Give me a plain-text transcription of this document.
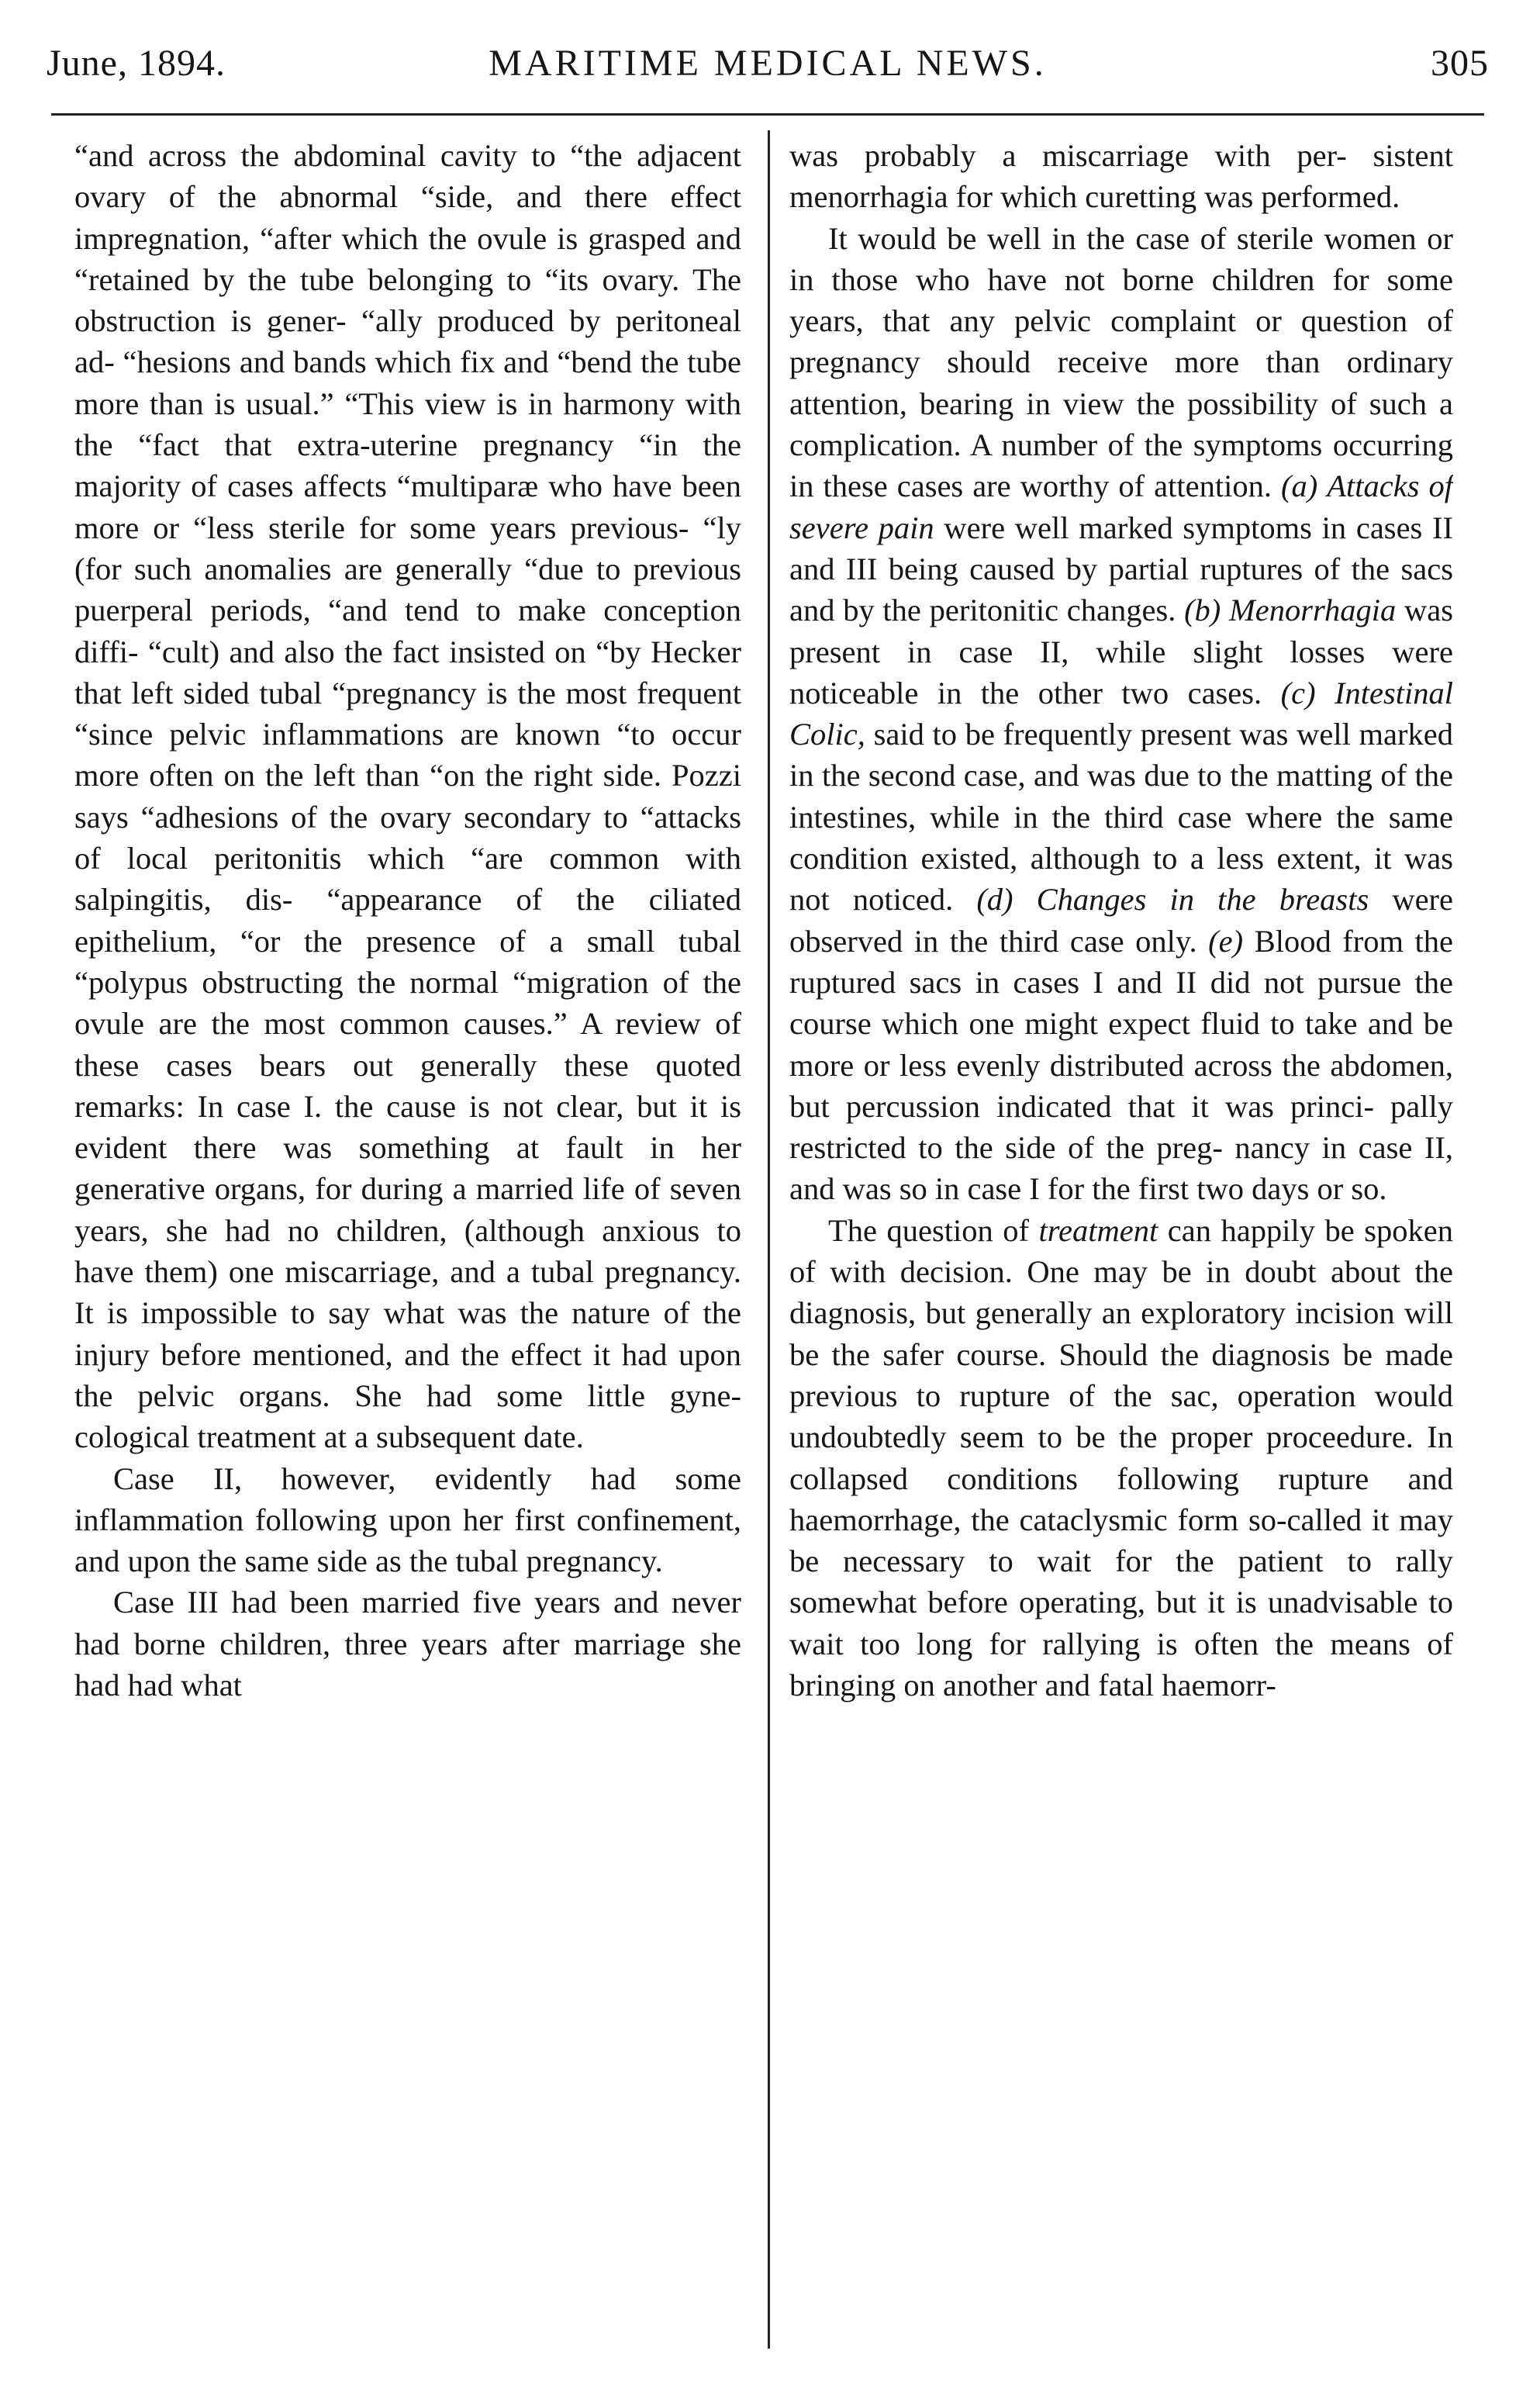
June, 1894.	MARITIME MEDICAL NEWS.	305

“and across the abdominal cavity to “the adjacent ovary of the abnormal “side, and there effect impregnation, “after which the ovule is grasped and “retained by the tube belonging to “its ovary. The obstruction is gener- “ally produced by peritoneal ad- “hesions and bands which fix and “bend the tube more than is usual.” “This view is in harmony with the “fact that extra-uterine pregnancy “in the majority of cases affects “multiparæ who have been more or “less sterile for some years previous- “ly (for such anomalies are generally “due to previous puerperal periods, “and tend to make conception diffi- “cult) and also the fact insisted on “by Hecker that left sided tubal “pregnancy is the most frequent “since pelvic inflammations are known “to occur more often on the left than “on the right side. Pozzi says “adhesions of the ovary secondary to “attacks of local peritonitis which “are common with salpingitis, dis- “appearance of the ciliated epithelium, “or the presence of a small tubal “polypus obstructing the normal “migration of the ovule are the most common causes.” A review of these cases bears out generally these quoted remarks: In case I. the cause is not clear, but it is evident there was something at fault in her generative organs, for during a married life of seven years, she had no children, (although anxious to have them) one miscarriage, and a tubal pregnancy. It is impossible to say what was the nature of the injury before mentioned, and the effect it had upon the pelvic organs. She had some little gyne- cological treatment at a subsequent date.

Case II, however, evidently had some inflammation following upon her first confinement, and upon the same side as the tubal pregnancy.

Case III had been married five years and never had borne children, three years after marriage she had had what

was probably a miscarriage with per- sistent menorrhagia for which curetting was performed.

It would be well in the case of sterile women or in those who have not borne children for some years, that any pelvic complaint or question of pregnancy should receive more than ordinary attention, bearing in view the possibility of such a complication. A number of the symptoms occurring in these cases are worthy of attention. (a) Attacks of severe pain were well marked symptoms in cases II and III being caused by partial ruptures of the sacs and by the peritonitic changes. (b) Menorrhagia was present in case II, while slight losses were noticeable in the other two cases. (c) Intestinal Colic, said to be frequently present was well marked in the second case, and was due to the matting of the intestines, while in the third case where the same condition existed, although to a less extent, it was not noticed. (d) Changes in the breasts were observed in the third case only. (e) Blood from the ruptured sacs in cases I and II did not pursue the course which one might expect fluid to take and be more or less evenly distributed across the abdomen, but percussion indicated that it was princi- pally restricted to the side of the preg- nancy in case II, and was so in case I for the first two days or so.

The question of treatment can happily be spoken of with decision. One may be in doubt about the diagnosis, but generally an exploratory incision will be the safer course. Should the diagnosis be made previous to rupture of the sac, operation would undoubtedly seem to be the proper proceedure. In collapsed conditions following rupture and haemorrhage, the cataclysmic form so-called it may be necessary to wait for the patient to rally somewhat before operating, but it is unadvisable to wait too long for rallying is often the means of bringing on another and fatal haemorr-
